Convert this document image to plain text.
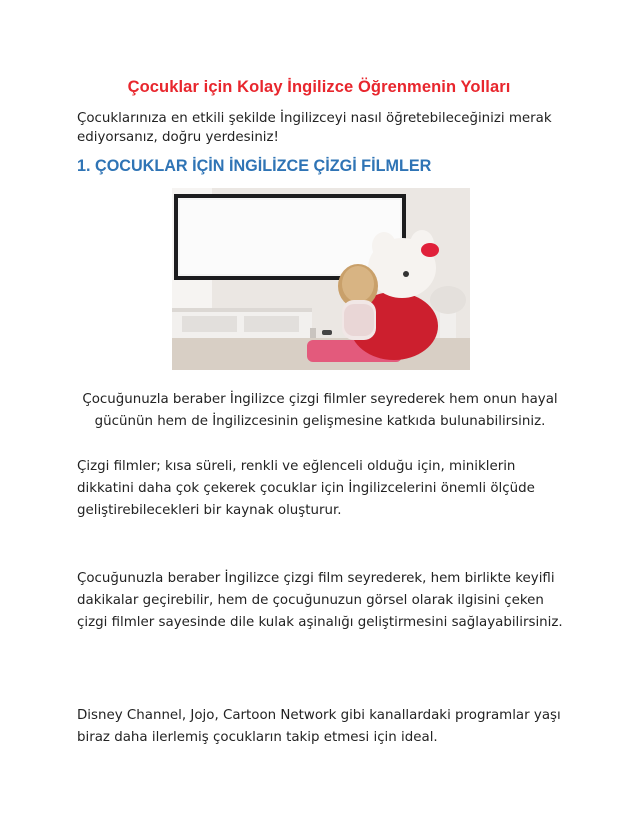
Çocuklar için Kolay İngilizce Öğrenmenin Yolları
Çocuklarınıza en etkili şekilde İngilizceyi nasıl öğretebileceğinizi merak ediyorsanız, doğru yerdesiniz!
1. ÇOCUKLAR İÇİN İNGİLİZCE ÇİZGİ FİLMLER
Çocuğunuzla beraber İngilizce çizgi filmler seyrederek hem onun hayal gücünün hem de İngilizcesinin gelişmesine katkıda bulunabilirsiniz.
Çizgi filmler; kısa süreli, renkli ve eğlenceli olduğu için, miniklerin dikkatini daha çok çekerek çocuklar için İngilizcelerini önemli ölçüde geliştirebilecekleri bir kaynak oluşturur.
Çocuğunuzla beraber İngilizce çizgi film seyrederek, hem birlikte keyifli dakikalar geçirebilir, hem de çocuğunuzun görsel olarak ilgisini çeken çizgi filmler sayesinde dile kulak aşinalığı geliştirmesini sağlayabilirsiniz.
Disney Channel, Jojo, Cartoon Network gibi kanallardaki programlar yaşı biraz daha ilerlemiş çocukların takip etmesi için ideal.
